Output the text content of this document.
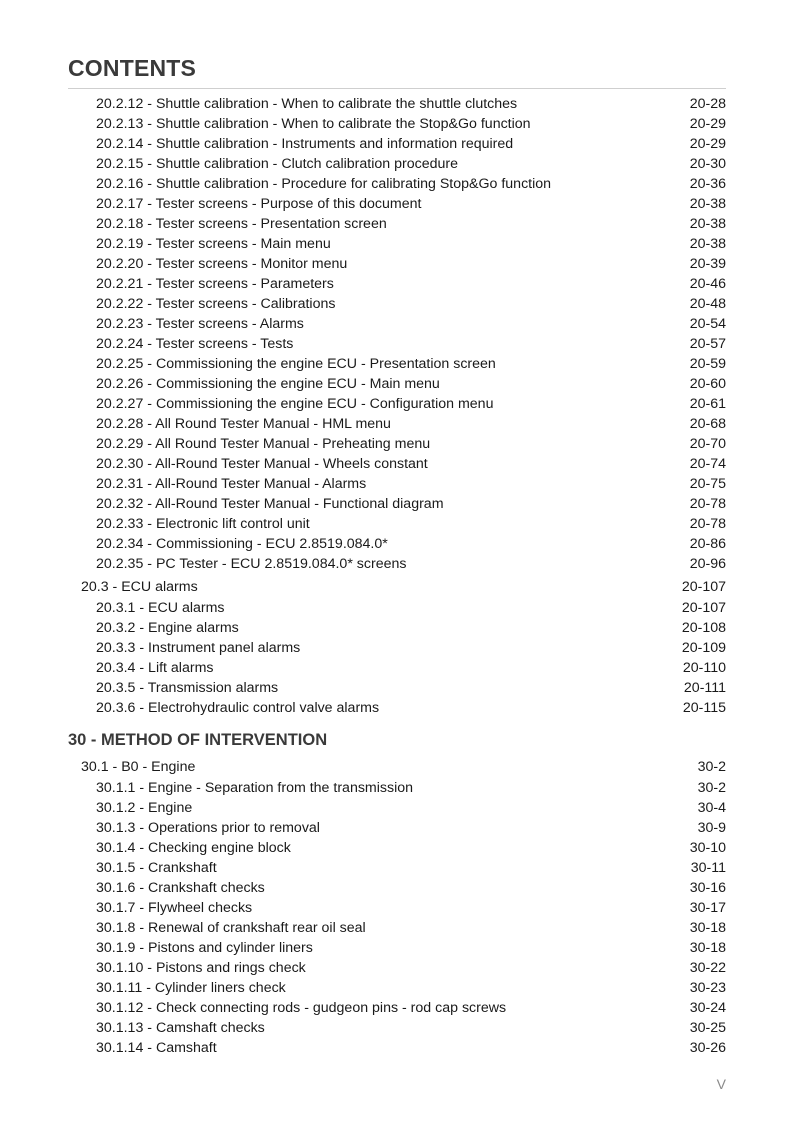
CONTENTS
20.2.12 - Shuttle calibration - When to calibrate the shuttle clutches	20-28
20.2.13 - Shuttle calibration - When to calibrate the Stop&Go function	20-29
20.2.14 - Shuttle calibration - Instruments and information required	20-29
20.2.15 - Shuttle calibration - Clutch calibration procedure	20-30
20.2.16 - Shuttle calibration - Procedure for calibrating Stop&Go function	20-36
20.2.17 - Tester screens - Purpose of this document	20-38
20.2.18 - Tester screens - Presentation screen	20-38
20.2.19 - Tester screens - Main menu	20-38
20.2.20 - Tester screens - Monitor menu	20-39
20.2.21 - Tester screens - Parameters	20-46
20.2.22 - Tester screens - Calibrations	20-48
20.2.23 - Tester screens - Alarms	20-54
20.2.24 - Tester screens - Tests	20-57
20.2.25 - Commissioning the engine ECU - Presentation screen	20-59
20.2.26 - Commissioning the engine ECU - Main menu	20-60
20.2.27 - Commissioning the engine ECU - Configuration menu	20-61
20.2.28 - All Round Tester Manual - HML menu	20-68
20.2.29 - All Round Tester Manual - Preheating menu	20-70
20.2.30 - All-Round Tester Manual - Wheels constant	20-74
20.2.31 - All-Round Tester Manual - Alarms	20-75
20.2.32 - All-Round Tester Manual - Functional diagram	20-78
20.2.33 - Electronic lift control unit	20-78
20.2.34 - Commissioning - ECU 2.8519.084.0*	20-86
20.2.35 - PC Tester - ECU 2.8519.084.0* screens	20-96
20.3 - ECU alarms	20-107
20.3.1 - ECU alarms	20-107
20.3.2 - Engine alarms	20-108
20.3.3 - Instrument panel alarms	20-109
20.3.4 - Lift alarms	20-110
20.3.5 - Transmission alarms	20-111
20.3.6 - Electrohydraulic control valve alarms	20-115
30 - METHOD OF INTERVENTION
30.1 - B0 - Engine	30-2
30.1.1 - Engine - Separation from the transmission	30-2
30.1.2 - Engine	30-4
30.1.3 - Operations prior to removal	30-9
30.1.4 - Checking engine block	30-10
30.1.5 - Crankshaft	30-11
30.1.6 - Crankshaft checks	30-16
30.1.7 - Flywheel checks	30-17
30.1.8 - Renewal of crankshaft rear oil seal	30-18
30.1.9 - Pistons and cylinder liners	30-18
30.1.10 - Pistons and rings check	30-22
30.1.11 - Cylinder liners check	30-23
30.1.12 - Check connecting rods - gudgeon pins - rod cap screws	30-24
30.1.13 - Camshaft checks	30-25
30.1.14 - Camshaft	30-26
V
